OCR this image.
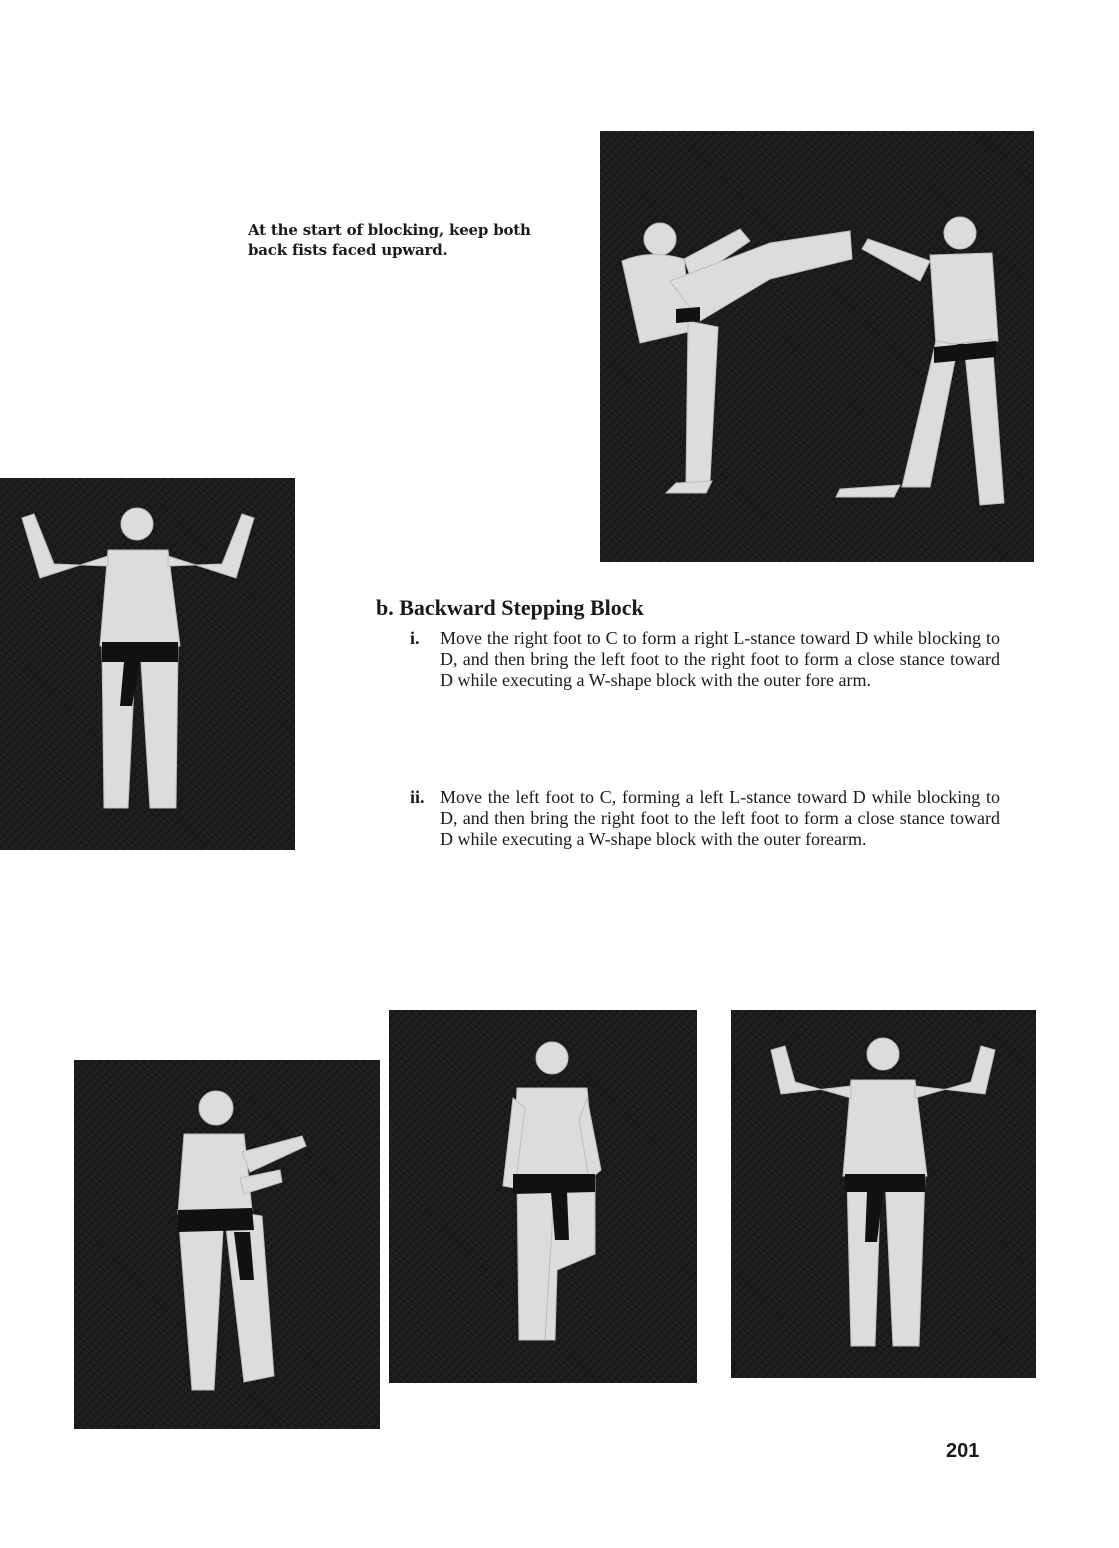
At the start of blocking, keep both
back fists faced upward.
b. Backward Stepping Block
i. Move the right foot to C to form a right L-stance toward D while blocking to D, and then bring the left foot to the right foot to form a close stance toward D while executing a W-shape block with the outer fore arm.
ii. Move the left foot to C, forming a left L-stance toward D while blocking to D, and then bring the right foot to the left foot to form a close stance toward D while executing a W-shape block with the outer forearm.
201
